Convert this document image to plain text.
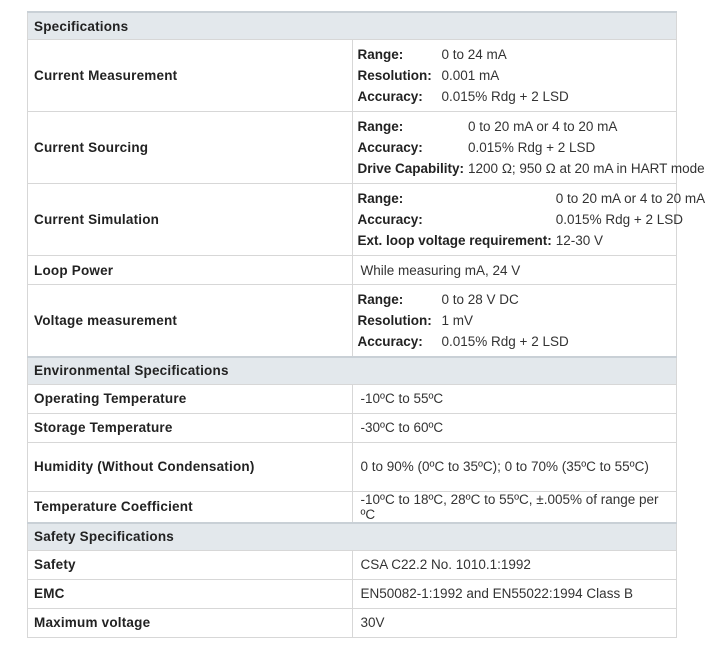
Specifications	
Current Measurement	Range:	0 to 24 mA
Resolution:	0.001 mA
Accuracy:	0.015% Rdg + 2 LSD

Current Sourcing	Range:	0 to 20 mA or 4 to 20 mA
Accuracy:	0.015% Rdg + 2 LSD
Drive Capability:	1200 Ω; 950 Ω at 20 mA in HART mode

Current Simulation	Range:	0 to 20 mA or 4 to 20 mA
Accuracy:	0.015% Rdg + 2 LSD
Ext. loop voltage requirement:	12-30 V

Loop Power	While measuring mA, 24 V
Voltage measurement	Range:	0 to 28 V DC
Resolution:	1 mV
Accuracy:	0.015% Rdg + 2 LSD

Environmental Specifications	
Operating Temperature	-10ºC to 55ºC
Storage Temperature	-30ºC to 60ºC
Humidity (Without Condensation)	0 to 90% (0ºC to 35ºC); 0 to 70% (35ºC to 55ºC)
Temperature Coefficient	-10ºC to 18ºC, 28ºC to 55ºC, ±.005% of range per ºC
Safety Specifications	
Safety	CSA C22.2 No. 1010.1:1992
EMC	EN50082-1:1992 and EN55022:1994 Class B
Maximum voltage	30V
